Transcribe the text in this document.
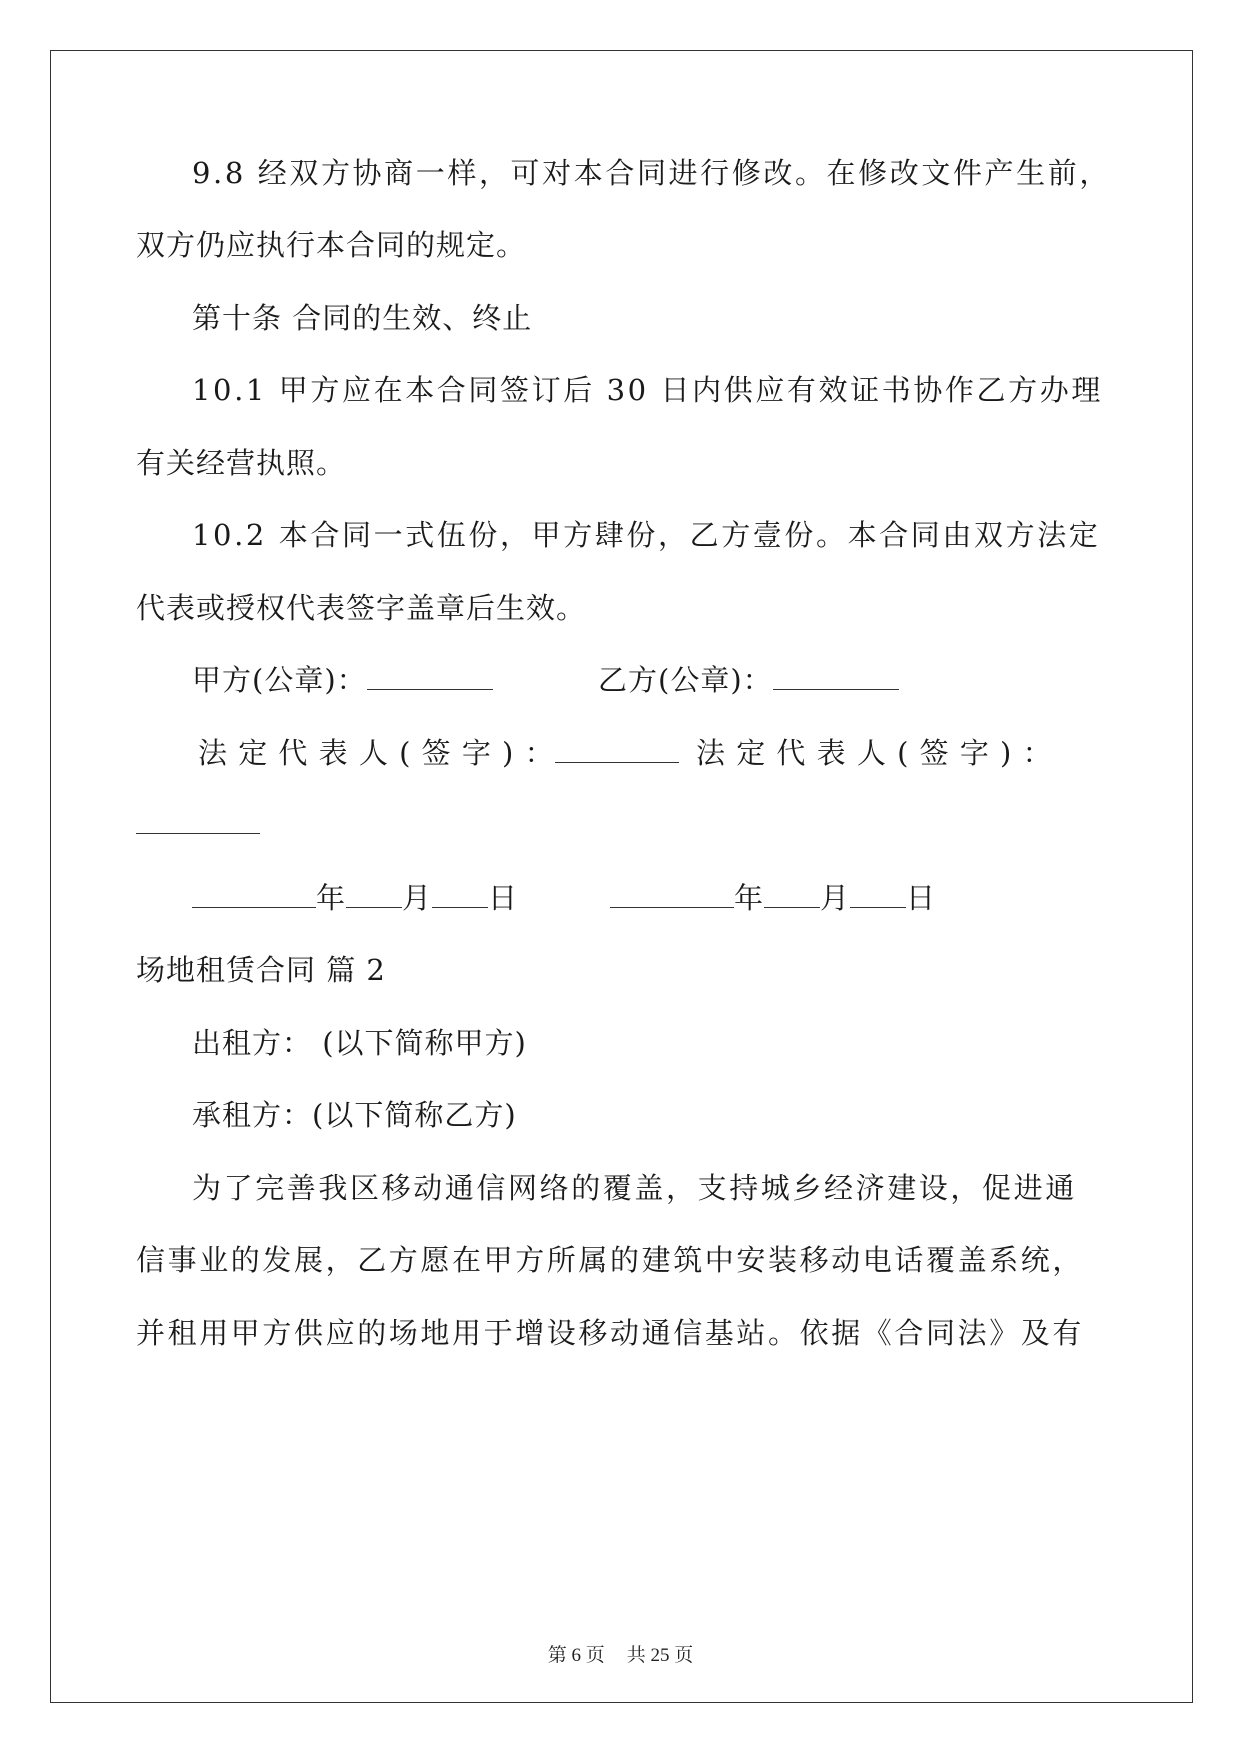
9.8 经双方协商一样，可对本合同进行修改。在修改文件产生前，
双方仍应执行本合同的规定。
第十条 合同的生效、终止
10.1 甲方应在本合同签订后 30 日内供应有效证书协作乙方办理
有关经营执照。
10.2 本合同一式伍份，甲方肆份，乙方壹份。本合同由双方法定
代表或授权代表签字盖章后生效。
甲方(公章)：	乙方(公章)：
法 定 代 表 人 ( 签 字 ) ：	法 定 代 表 人 ( 签 字 ) ：
年 月 日	年 月 日
场地租赁合同 篇 2
出租方： (以下简称甲方)
承租方：(以下简称乙方)
为了完善我区移动通信网络的覆盖，支持城乡经济建设，促进通
信事业的发展，乙方愿在甲方所属的建筑中安装移动电话覆盖系统，
并租用甲方供应的场地用于增设移动通信基站。依据《合同法》及有
第 6 页 共 25 页
